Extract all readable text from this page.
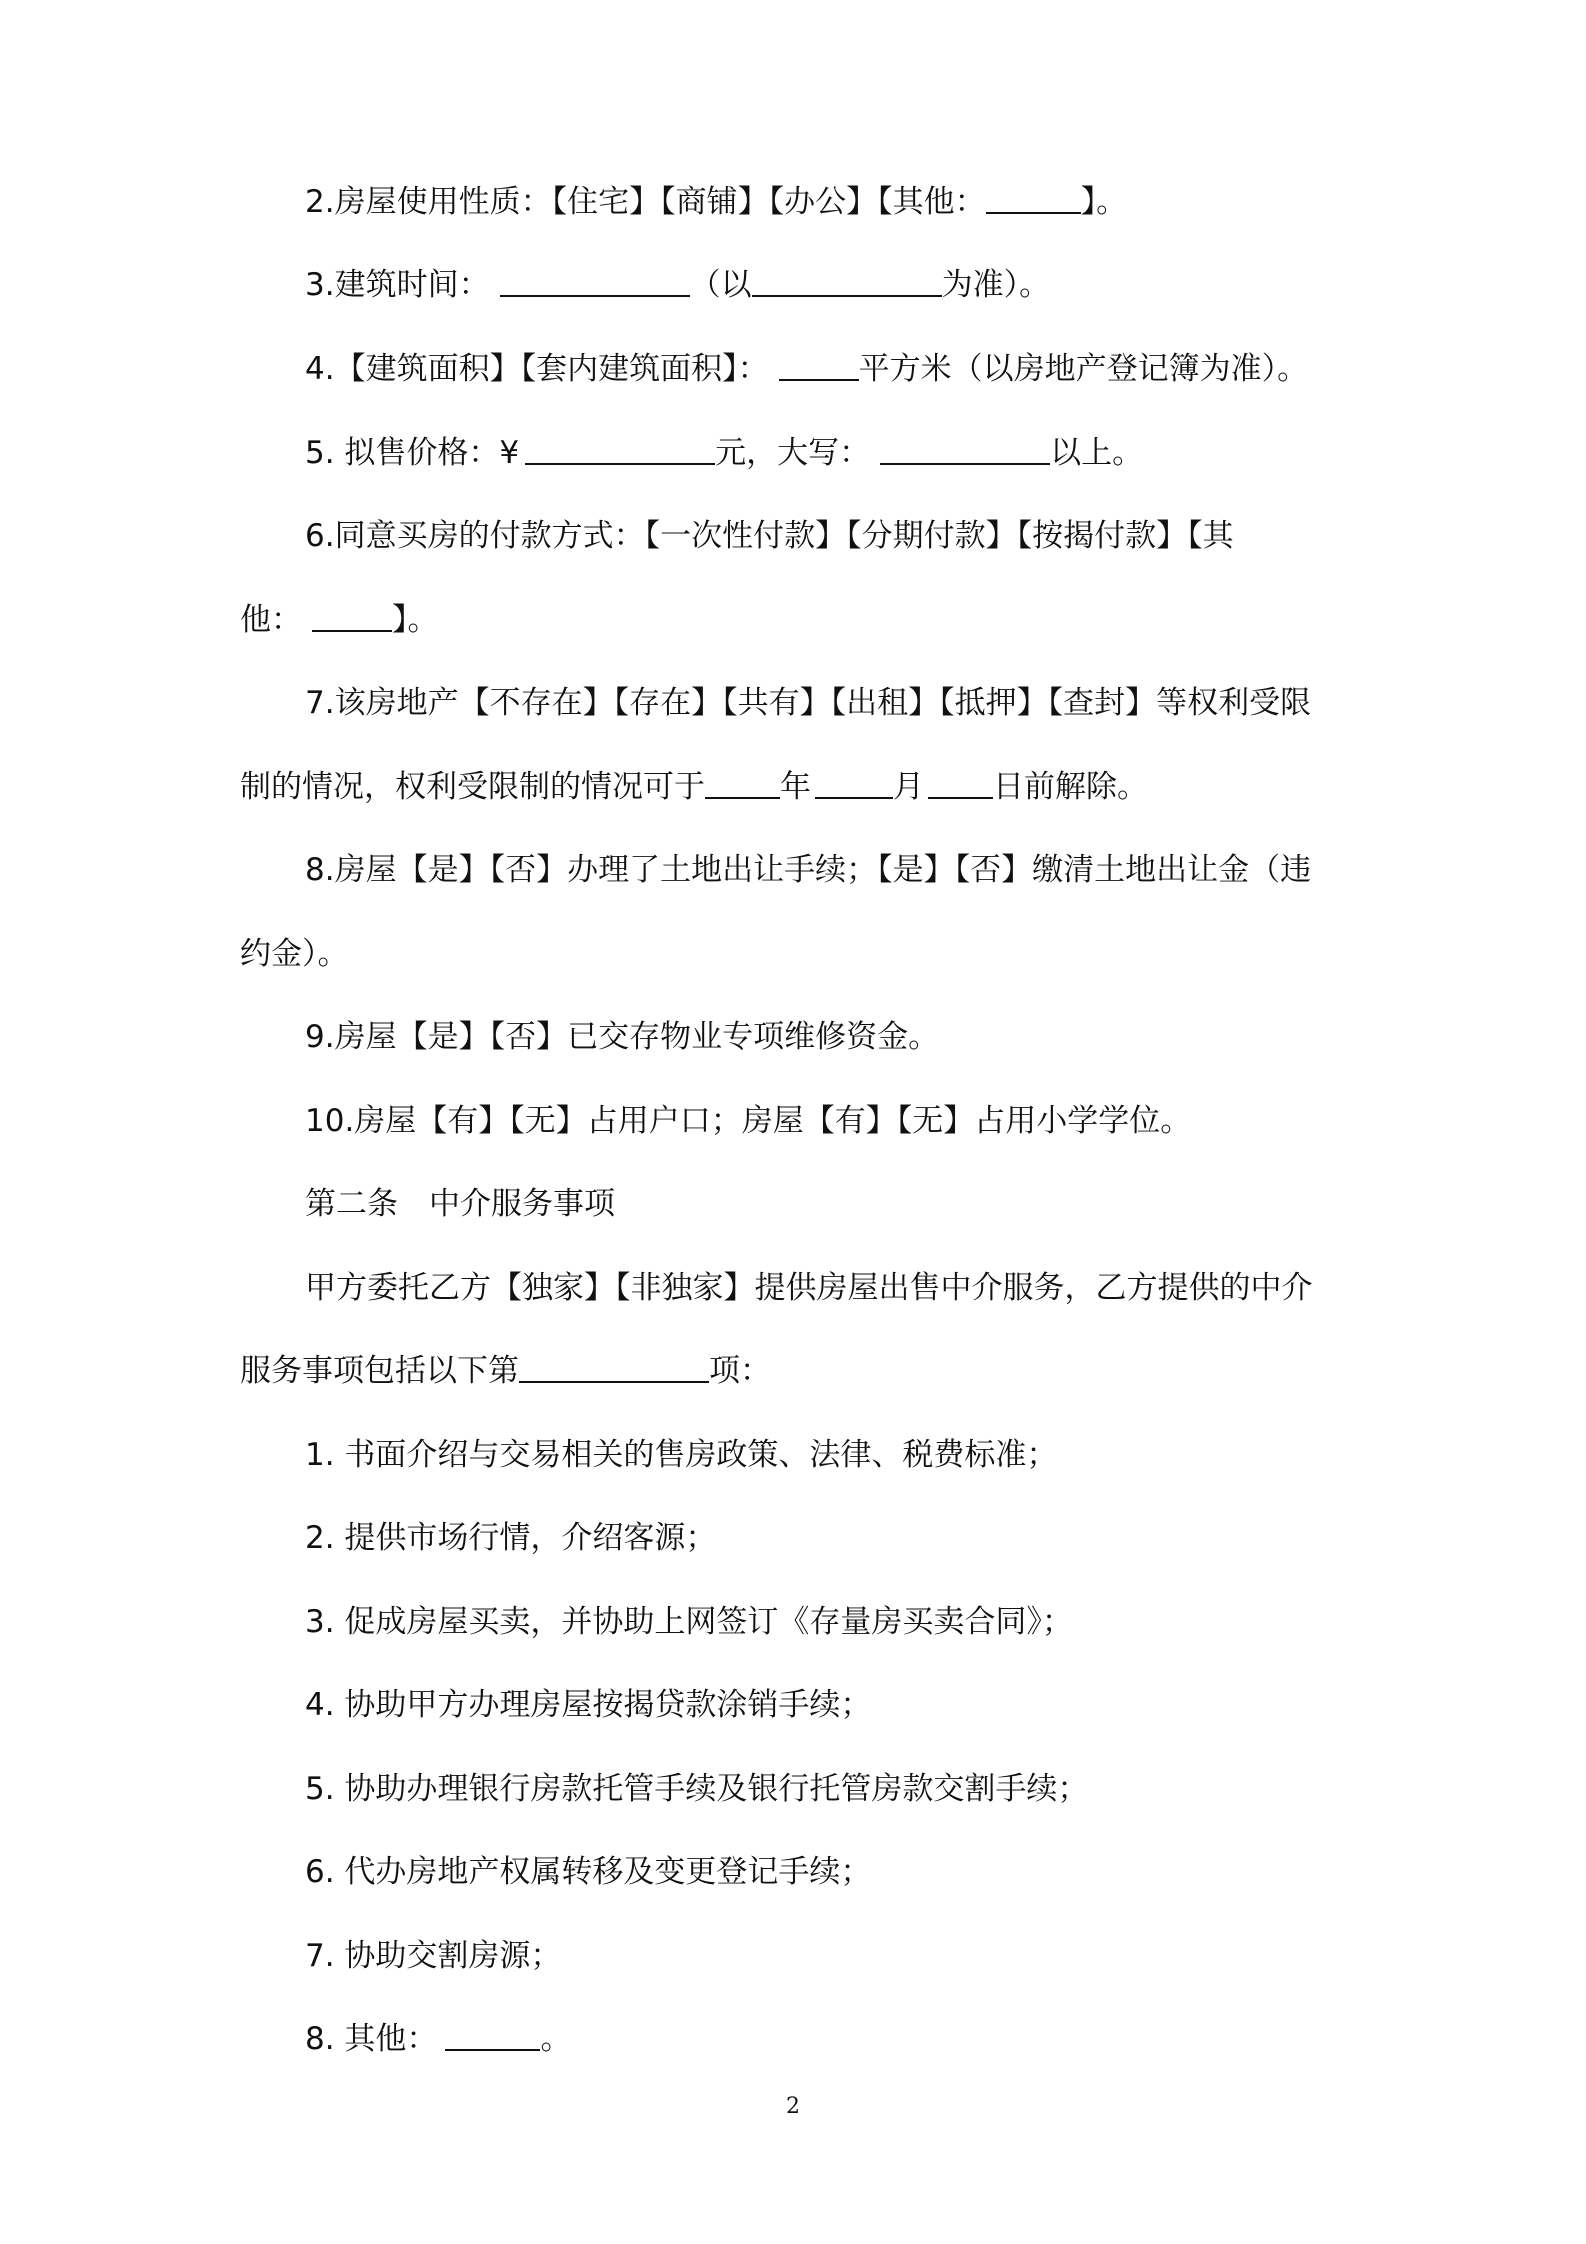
2.房屋使用性质：【住宅】【商铺】【办公】【其他：	】。
3.建筑时间：	（以	为准）。
4.【建筑面积】【套内建筑面积】：	平方米（以房地产登记簿为准）。
5. 拟售价格：¥	元，大写：	以上。
6.同意买房的付款方式：【一次性付款】【分期付款】【按揭付款】【其
他：	】。
7.该房地产【不存在】【存在】【共有】【出租】【抵押】【查封】等权利受限
制的情况，权利受限制的情况可于 年	月 日前解除。
8.房屋【是】【否】办理了土地出让手续；【是】【否】缴清土地出让金（违
约金）。
9.房屋【是】【否】已交存物业专项维修资金。
10.房屋【有】【无】占用户口；房屋【有】【无】占用小学学位。
第二条　中介服务事项
甲方委托乙方【独家】【非独家】提供房屋出售中介服务，乙方提供的中介
服务事项包括以下第	项：
1. 书面介绍与交易相关的售房政策、法律、税费标准；
2. 提供市场行情，介绍客源；
3. 促成房屋买卖，并协助上网签订《存量房买卖合同》；
4. 协助甲方办理房屋按揭贷款涂销手续；
5. 协助办理银行房款托管手续及银行托管房款交割手续；
6. 代办房地产权属转移及变更登记手续；
7. 协助交割房源；
8. 其他：	。
2
